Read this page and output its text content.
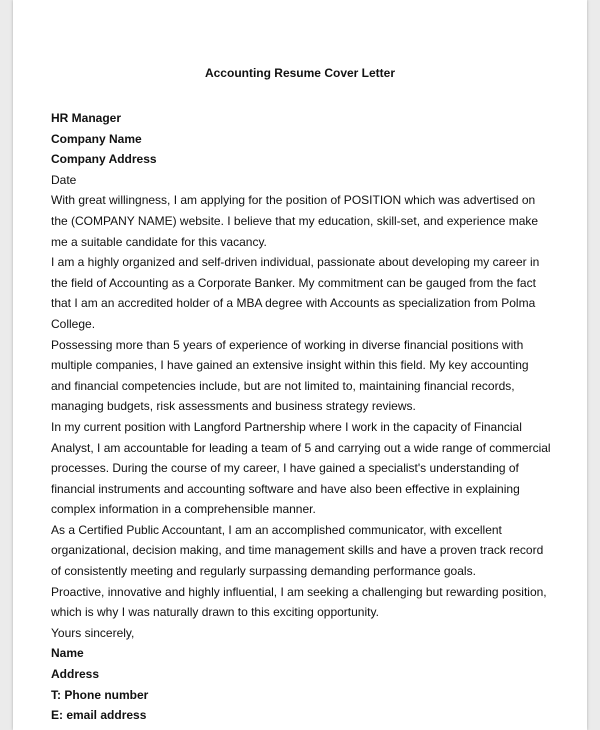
Accounting Resume Cover Letter

HR Manager

Company Name

Company Address

Date

With great willingness, I am applying for the position of POSITION which was advertised on the (COMPANY NAME) website. I believe that my education, skill-set, and experience make me a suitable candidate for this vacancy.

I am a highly organized and self-driven individual, passionate about developing my career in the field of Accounting as a Corporate Banker. My commitment can be gauged from the fact that I am an accredited holder of a MBA degree with Accounts as specialization from Polma College.

Possessing more than 5 years of experience of working in diverse financial positions with multiple companies, I have gained an extensive insight within this field. My key accounting and financial competencies include, but are not limited to, maintaining financial records, managing budgets, risk assessments and business strategy reviews.

In my current position with Langford Partnership where I work in the capacity of Financial Analyst, I am accountable for leading a team of 5 and carrying out a wide range of commercial processes. During the course of my career, I have gained a specialist's understanding of financial instruments and accounting software and have also been effective in explaining complex information in a comprehensible manner.

As a Certified Public Accountant, I am an accomplished communicator, with excellent organizational, decision making, and time management skills and have a proven track record of consistently meeting and regularly surpassing demanding performance goals.

Proactive, innovative and highly influential, I am seeking a challenging but rewarding position, which is why I was naturally drawn to this exciting opportunity.

Yours sincerely,

Name

Address

T: Phone number

E: email address
